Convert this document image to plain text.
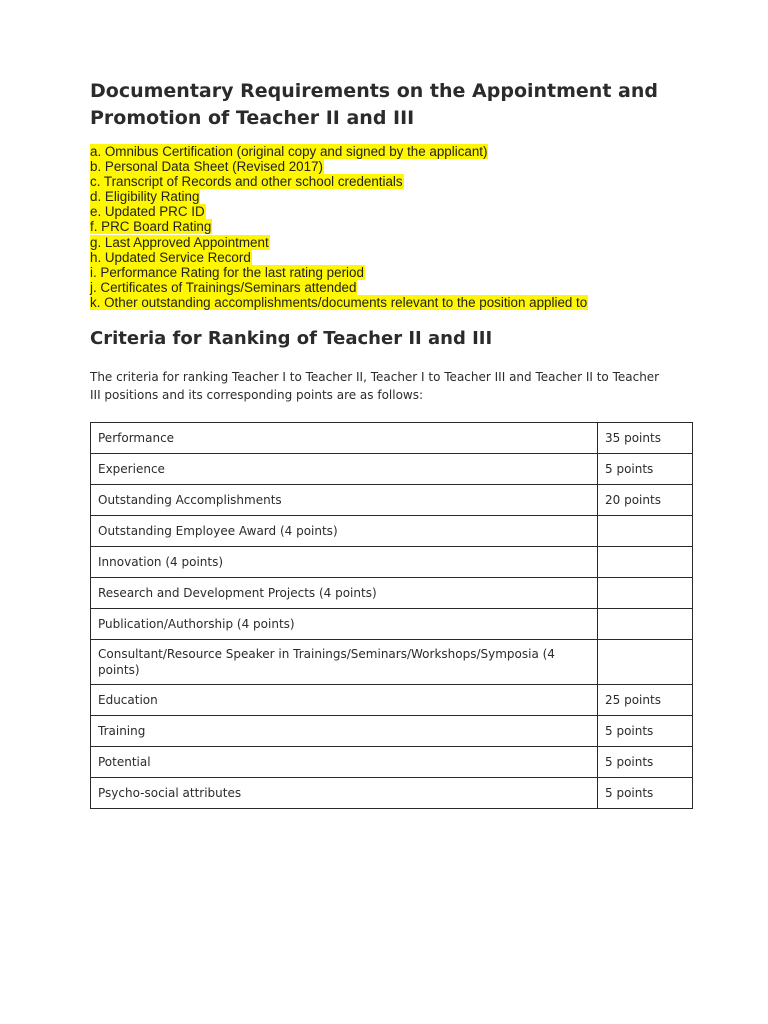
Documentary Requirements on the Appointment and
Promotion of Teacher II and III
a. Omnibus Certification (original copy and signed by the applicant)
b. Personal Data Sheet (Revised 2017)
c. Transcript of Records and other school credentials
d. Eligibility Rating
e. Updated PRC ID
f. PRC Board Rating
g. Last Approved Appointment
h. Updated Service Record
i. Performance Rating for the last rating period
j. Certificates of Trainings/Seminars attended
k. Other outstanding accomplishments/documents relevant to the position applied to
Criteria for Ranking of Teacher II and III
The criteria for ranking Teacher I to Teacher II, Teacher I to Teacher III and Teacher II to Teacher III positions and its corresponding points are as follows:
Performance	35 points
Experience	5 points
Outstanding Accomplishments	20 points
Outstanding Employee Award (4 points)	
Innovation (4 points)	
Research and Development Projects (4 points)	
Publication/Authorship (4 points)	
Consultant/Resource Speaker in Trainings/Seminars/Workshops/Symposia (4 points)	
Education	25 points
Training	5 points
Potential	5 points
Psycho-social attributes	5 points
